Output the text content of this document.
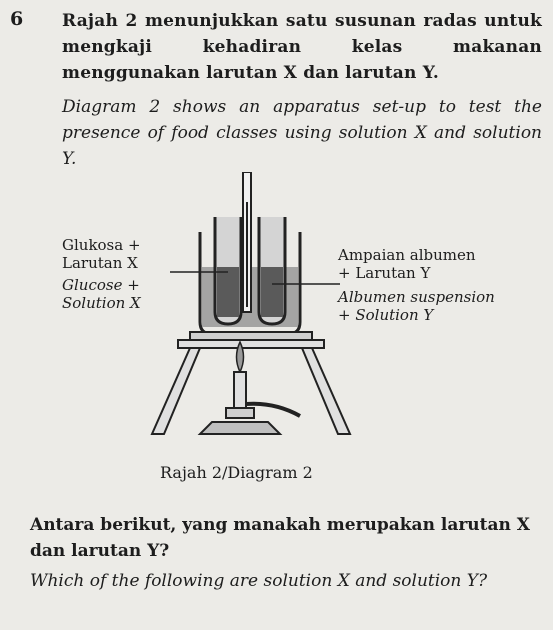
6 Rajah 2 menunjukkan satu susunan radas untuk mengkaji kehadiran kelas makanan menggunakan larutan X dan larutan Y.
Diagram 2 shows an apparatus set-up to test the presence of food classes using solution X and solution Y.
Glukosa +
Larutan X
Glucose +
Solution X
Ampaian albumen
+ Larutan Y
Albumen suspension
+ Solution Y
Rajah 2/Diagram 2
Antara berikut, yang manakah merupakan larutan X dan larutan Y?
Which of the following are solution X and solution Y?
